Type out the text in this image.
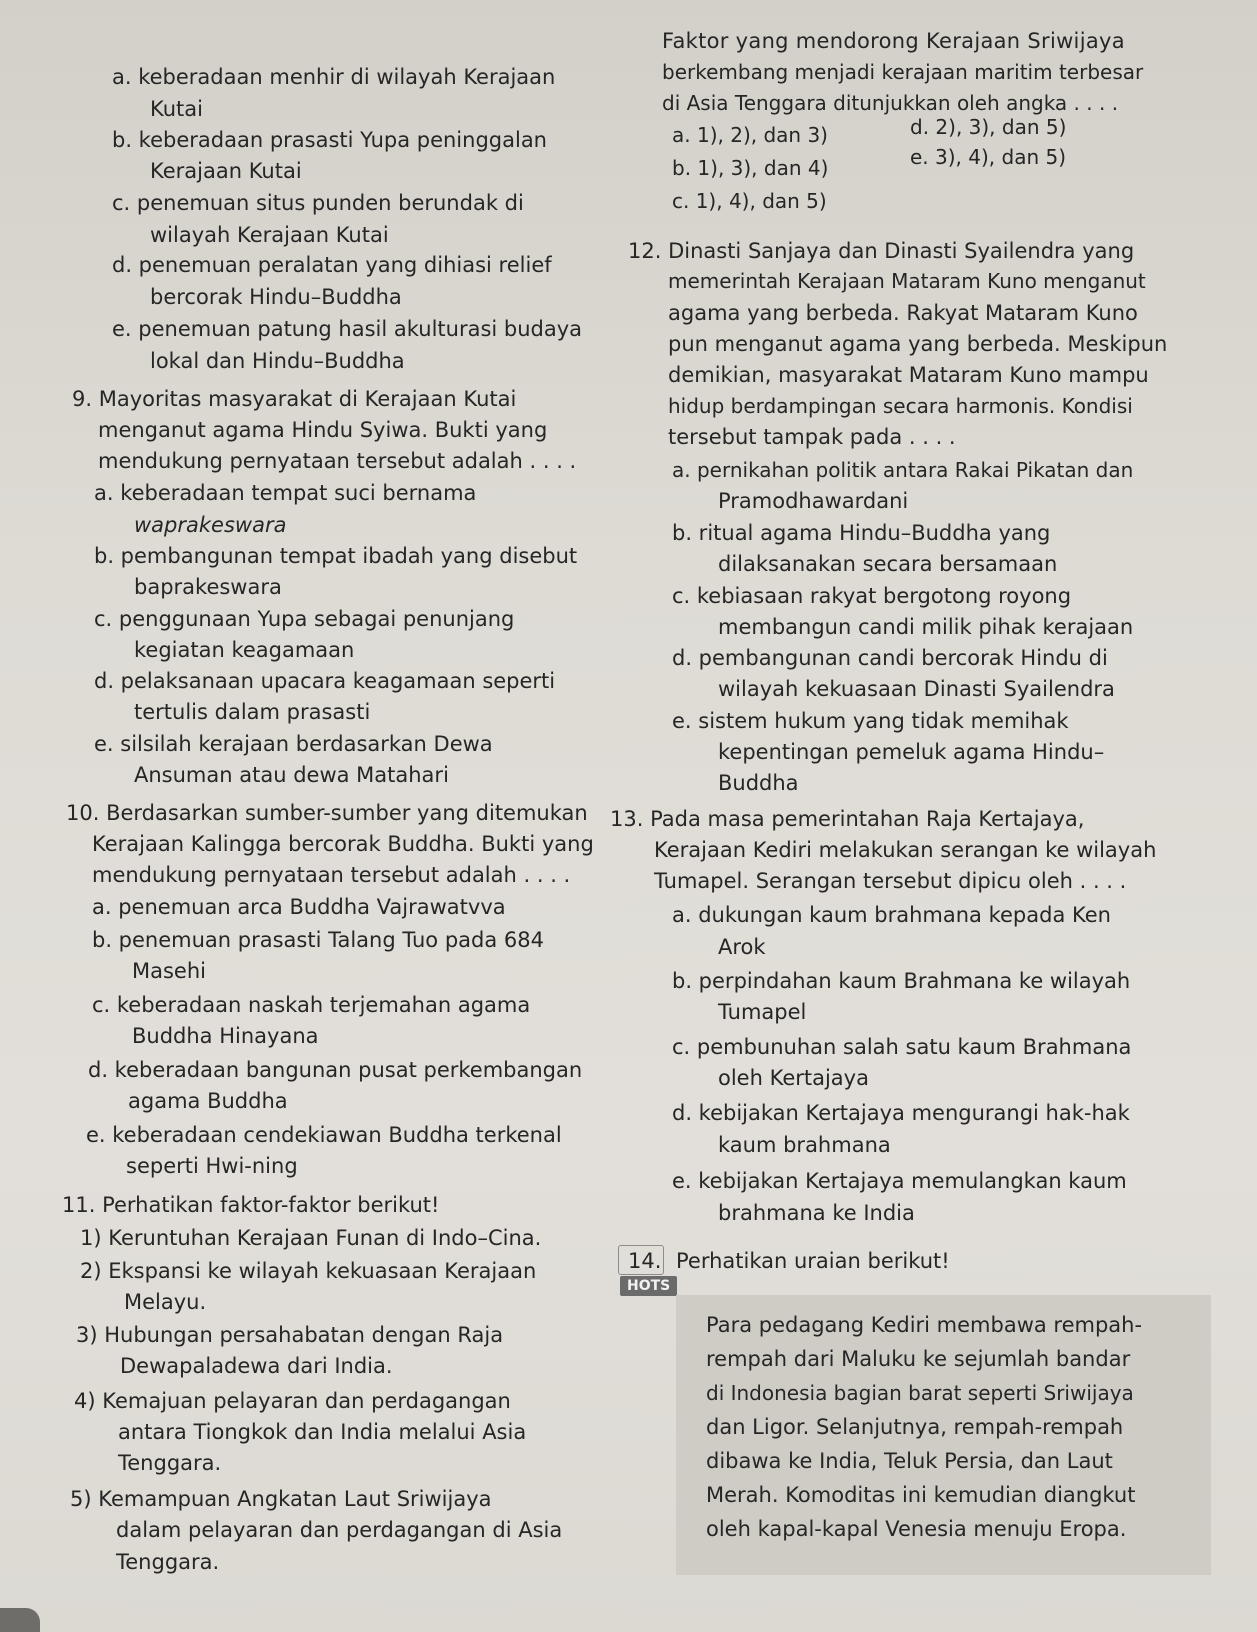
a. keberadaan menhir di wilayah Kerajaan
Kutai
b. keberadaan prasasti Yupa peninggalan
Kerajaan Kutai
c. penemuan situs punden berundak di
wilayah Kerajaan Kutai
d. penemuan peralatan yang dihiasi relief
bercorak Hindu–Buddha
e. penemuan patung hasil akulturasi budaya
lokal dan Hindu–Buddha
9. Mayoritas masyarakat di Kerajaan Kutai
menganut agama Hindu Syiwa. Bukti yang
mendukung pernyataan tersebut adalah . . . .
a. keberadaan tempat suci bernama
waprakeswara
b. pembangunan tempat ibadah yang disebut
baprakeswara
c. penggunaan Yupa sebagai penunjang
kegiatan keagamaan
d. pelaksanaan upacara keagamaan seperti
tertulis dalam prasasti
e. silsilah kerajaan berdasarkan Dewa
Ansuman atau dewa Matahari
10. Berdasarkan sumber-sumber yang ditemukan
Kerajaan Kalingga bercorak Buddha. Bukti yang
mendukung pernyataan tersebut adalah . . . .
a. penemuan arca Buddha Vajrawatvva
b. penemuan prasasti Talang Tuo pada 684
Masehi
c. keberadaan naskah terjemahan agama
Buddha Hinayana
d. keberadaan bangunan pusat perkembangan
agama Buddha
e. keberadaan cendekiawan Buddha terkenal
seperti Hwi-ning
11. Perhatikan faktor-faktor berikut!
1) Keruntuhan Kerajaan Funan di Indo–Cina.
2) Ekspansi ke wilayah kekuasaan Kerajaan
Melayu.
3) Hubungan persahabatan dengan Raja
Dewapaladewa dari India.
4) Kemajuan pelayaran dan perdagangan
antara Tiongkok dan India melalui Asia
Tenggara.
5) Kemampuan Angkatan Laut Sriwijaya
dalam pelayaran dan perdagangan di Asia
Tenggara.
Faktor yang mendorong Kerajaan Sriwijaya
berkembang menjadi kerajaan maritim terbesar
di Asia Tenggara ditunjukkan oleh angka . . . .
a. 1), 2), dan 3)	d. 2), 3), dan 5)
b. 1), 3), dan 4)	e. 3), 4), dan 5)
c. 1), 4), dan 5)
12. Dinasti Sanjaya dan Dinasti Syailendra yang
memerintah Kerajaan Mataram Kuno menganut
agama yang berbeda. Rakyat Mataram Kuno
pun menganut agama yang berbeda. Meskipun
demikian, masyarakat Mataram Kuno mampu
hidup berdampingan secara harmonis. Kondisi
tersebut tampak pada . . . .
a. pernikahan politik antara Rakai Pikatan dan
Pramodhawardani
b. ritual agama Hindu–Buddha yang
dilaksanakan secara bersamaan
c. kebiasaan rakyat bergotong royong
membangun candi milik pihak kerajaan
d. pembangunan candi bercorak Hindu di
wilayah kekuasaan Dinasti Syailendra
e. sistem hukum yang tidak memihak
kepentingan pemeluk agama Hindu–
Buddha
13. Pada masa pemerintahan Raja Kertajaya,
Kerajaan Kediri melakukan serangan ke wilayah
Tumapel. Serangan tersebut dipicu oleh . . . .
a. dukungan kaum brahmana kepada Ken
Arok
b. perpindahan kaum Brahmana ke wilayah
Tumapel
c. pembunuhan salah satu kaum Brahmana
oleh Kertajaya
d. kebijakan Kertajaya mengurangi hak-hak
kaum brahmana
e. kebijakan Kertajaya memulangkan kaum
brahmana ke India
14. Perhatikan uraian berikut!
HOTS
Para pedagang Kediri membawa rempah-
rempah dari Maluku ke sejumlah bandar
di Indonesia bagian barat seperti Sriwijaya
dan Ligor. Selanjutnya, rempah-rempah
dibawa ke India, Teluk Persia, dan Laut
Merah. Komoditas ini kemudian diangkut
oleh kapal-kapal Venesia menuju Eropa.
